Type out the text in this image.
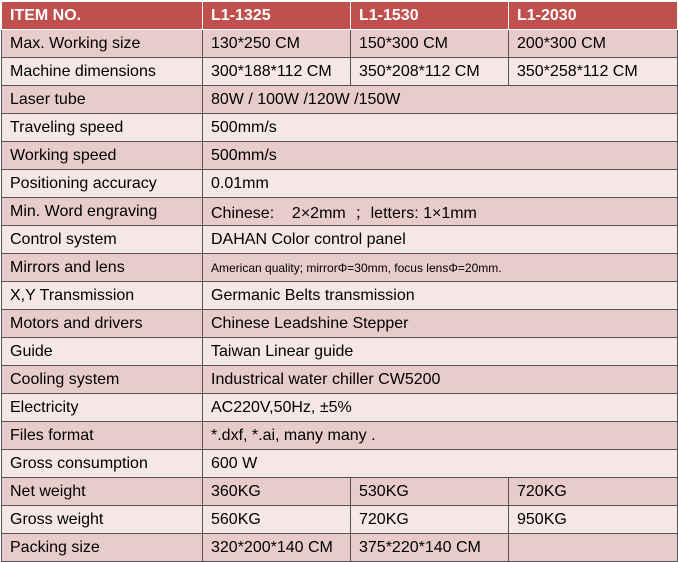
ITEM NO.	L1-1325	L1-1530	L1-2030
Max. Working size	130*250 CM	150*300 CM	200*300 CM
Machine dimensions	300*188*112 CM	350*208*112 CM	350*258*112 CM
Laser tube	80W / 100W /120W /150W		
Traveling speed	500mm/s		
Working speed	500mm/s		
Positioning accuracy	0.01mm		
Min. Word engraving	Chinese:    2×2mm  ；letters: 1×1mm		
Control system	DAHAN Color control panel		
Mirrors and lens	American quality; mirrorΦ=30mm, focus lensΦ=20mm.		
X,Y Transmission	Germanic Belts transmission		
Motors and drivers	Chinese Leadshine Stepper		
Guide	Taiwan Linear guide		
Cooling system	Industrical water chiller CW5200		
Electricity	AC220V,50Hz, ±5%		
Files format	*.dxf, *.ai, many many .		
Gross consumption	600 W		
Net weight	360KG	530KG	720KG
Gross weight	560KG	720KG	950KG
Packing size	320*200*140 CM	375*220*140 CM	
